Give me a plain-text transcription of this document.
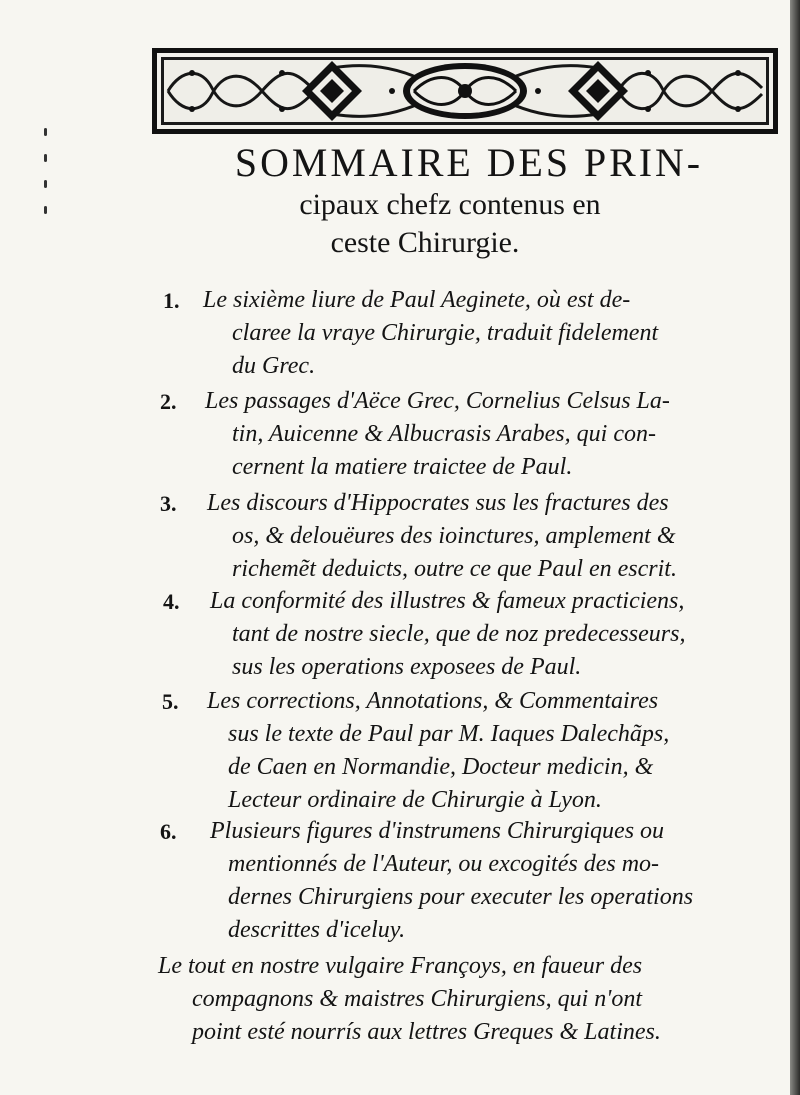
SOMMAIRE DES PRIN-
cipaux chefz contenus en
ceste Chirurgie.
1. Le sixième liure de Paul Aeginete, où est de-
claree la vraye Chirurgie, traduit fidelement
du Grec.
2. Les passages d'Aëce Grec, Cornelius Celsus La-
tin, Auicenne & Albucrasis Arabes, qui con-
cernent la matiere traictee de Paul.
3. Les discours d'Hippocrates sus les fractures des
os, & delouëures des ioinctures, amplement &
richemẽt deduicts, outre ce que Paul en escrit.
4. La conformité des illustres & fameux practiciens,
tant de nostre siecle, que de noz predecesseurs,
sus les operations exposees de Paul.
5. Les corrections, Annotations, & Commentaires
sus le texte de Paul par M. Iaques Dalechãps,
de Caen en Normandie, Docteur medicin, &
Lecteur ordinaire de Chirurgie à Lyon.
6. Plusieurs figures d'instrumens Chirurgiques ou
mentionnés de l'Auteur, ou excogités des mo-
dernes Chirurgiens pour executer les operations
descrittes d'iceluy.
Le tout en nostre vulgaire Françoys, en faueur des
compagnons & maistres Chirurgiens, qui n'ont
point esté nourrís aux lettres Greques & Latines.
